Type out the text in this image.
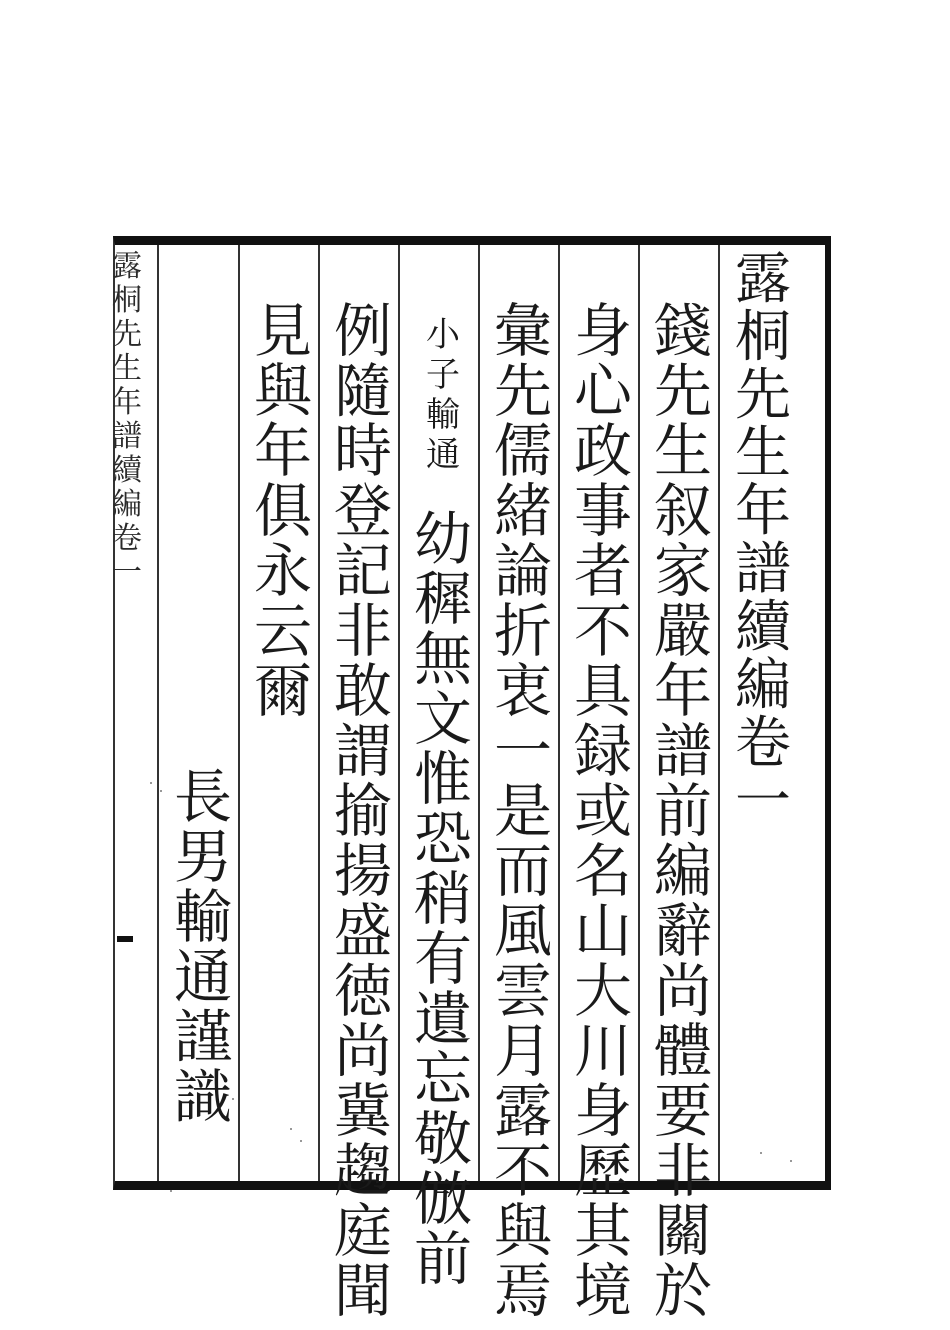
露
桐
先
生
年
譜
續
編
卷
一
錢
先
生
叙
家
嚴
年
譜
前
編
辭
尚
體
要
非
關
於
身
心
政
事
者
不
具
録
或
名
山
大
川
身
歷
其
境
彙
先
儒
緒
論
折
衷
一
是
而
風
雲
月
露
不
與
焉
小
子
輸
通
幼
穉
無
文
惟
恐
稍
有
遺
忘
敬
倣
前
例
隨
時
登
記
非
敢
謂
揄
揚
盛
徳
尚
冀
趨
庭
聞
見
與
年
俱
永
云
爾
長
男
輸
通
謹
識
露
桐
先
生
年
譜
續
編
卷
一
